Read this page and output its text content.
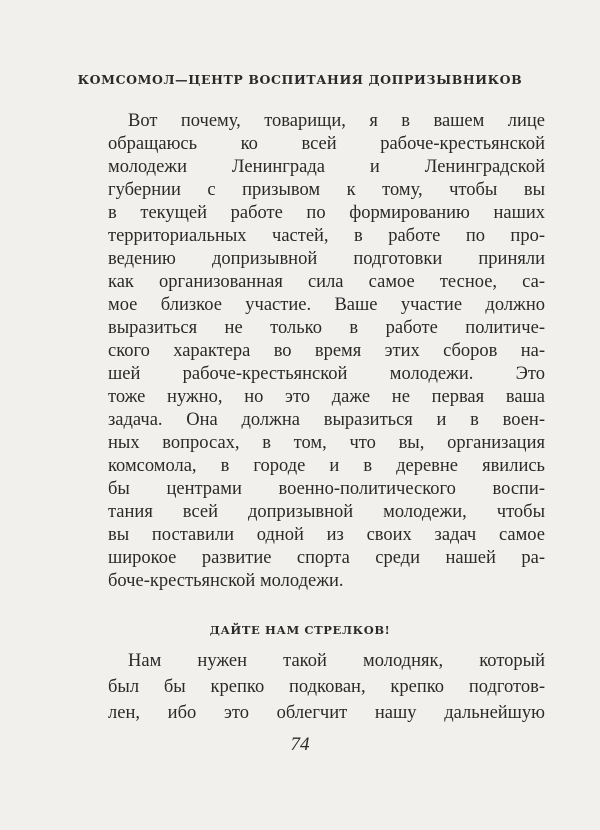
КОМСОМОЛ—ЦЕНТР ВОСПИТАНИЯ ДОПРИЗЫВНИКОВ
Вот почему, товарищи, я в вашем лице
обращаюсь ко всей рабоче-крестьянской
молодежи Ленинграда и Ленинградской
губернии с призывом к тому, чтобы вы
в текущей работе по формированию наших
территориальных частей, в работе по про-
ведению допризывной подготовки приняли
как организованная сила самое тесное, са-
мое близкое участие. Ваше участие должно
выразиться не только в работе политиче-
ского характера во время этих сборов на-
шей рабоче-крестьянской молодежи. Это
тоже нужно, но это даже не первая ваша
задача. Она должна выразиться и в воен-
ных вопросах, в том, что вы, организация
комсомола, в городе и в деревне явились
бы центрами военно-политического воспи-
тания всей допризывной молодежи, чтобы
вы поставили одной из своих задач самое
широкое развитие спорта среди нашей ра-
боче-крестьянской молодежи.
ДАЙТЕ НАМ СТРЕЛКОВ!
Нам нужен такой молодняк, который
был бы крепко подкован, крепко подготов-
лен, ибо это облегчит нашу дальнейшую
74
